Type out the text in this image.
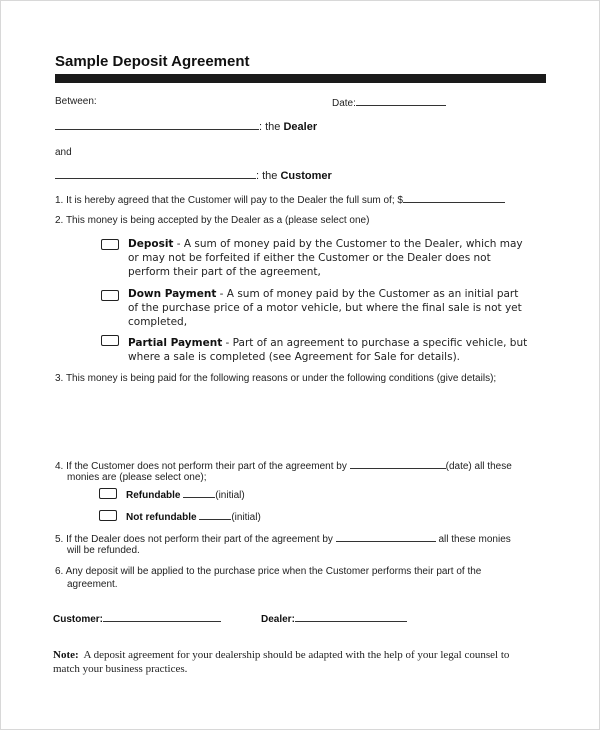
Sample Deposit Agreement
Between:	Date:
: the Dealer
and
: the Customer
1. It is hereby agreed that the Customer will pay to the Dealer the full sum of; $
2. This money is being accepted by the Dealer as a (please select one)
Deposit - A sum of money paid by the Customer to the Dealer, which may or may not be forfeited if either the Customer or the Dealer does not perform their part of the agreement,
Down Payment - A sum of money paid by the Customer as an initial part of the purchase price of a motor vehicle, but where the final sale is not yet completed,
Partial Payment - Part of an agreement to purchase a specific vehicle, but where a sale is completed (see Agreement for Sale for details).
3. This money is being paid for the following reasons or under the following conditions (give details);
4. If the Customer does not perform their part of the agreement by	(date) all these
monies are (please select one);
Refundable	(initial)
Not refundable	(initial)
5. If the Dealer does not perform their part of the agreement by	all these monies
will be refunded.
6. Any deposit will be applied to the purchase price when the Customer performs their part of the
agreement.
Customer:	Dealer:
Note:  A deposit agreement for your dealership should be adapted with the help of your legal counsel to match your business practices.
